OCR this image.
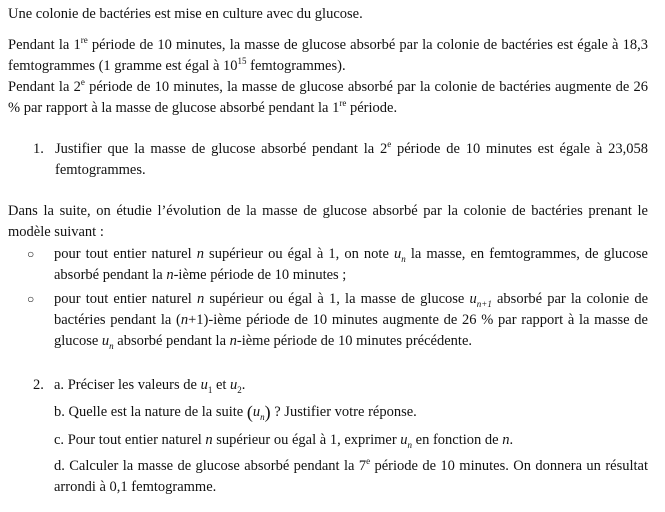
Une colonie de bactéries est mise en culture avec du glucose.

Pendant la 1re période de 10 minutes, la masse de glucose absorbé par la colonie de bactéries est égale à 18,3 femtogrammes (1 gramme est égal à $10^{15}$ femtogrammes).

Pendant la 2e période de 10 minutes, la masse de glucose absorbé par la colonie de bactéries augmente de 26 % par rapport à la masse de glucose absorbé pendant la 1re période.

1. Justifier que la masse de glucose absorbé pendant la 2e période de 10 minutes est égale à 23,058 femtogrammes.

Dans la suite, on étudie l’évolution de la masse de glucose absorbé par la colonie de bactéries prenant le modèle suivant :

○ pour tout entier naturel n supérieur ou égal à 1, on note $u_n$ la masse, en femtogrammes, de glucose absorbé pendant la n-ième période de 10 minutes ;

○ pour tout entier naturel n supérieur ou égal à 1, la masse de glucose $u_{n+1}$ absorbé par la colonie de bactéries pendant la (n+1)-ième période de 10 minutes augmente de 26 % par rapport à la masse de glucose $u_n$ absorbé pendant la n-ième période de 10 minutes précédente.

2. a. Préciser les valeurs de $u_1$ et $u_2$.

b. Quelle est la nature de la suite $(u_n)$ ? Justifier votre réponse.

c. Pour tout entier naturel n supérieur ou égal à 1, exprimer $u_n$ en fonction de n.

d. Calculer la masse de glucose absorbé pendant la 7e période de 10 minutes. On donnera un résultat arrondi à 0,1 femtogramme.
